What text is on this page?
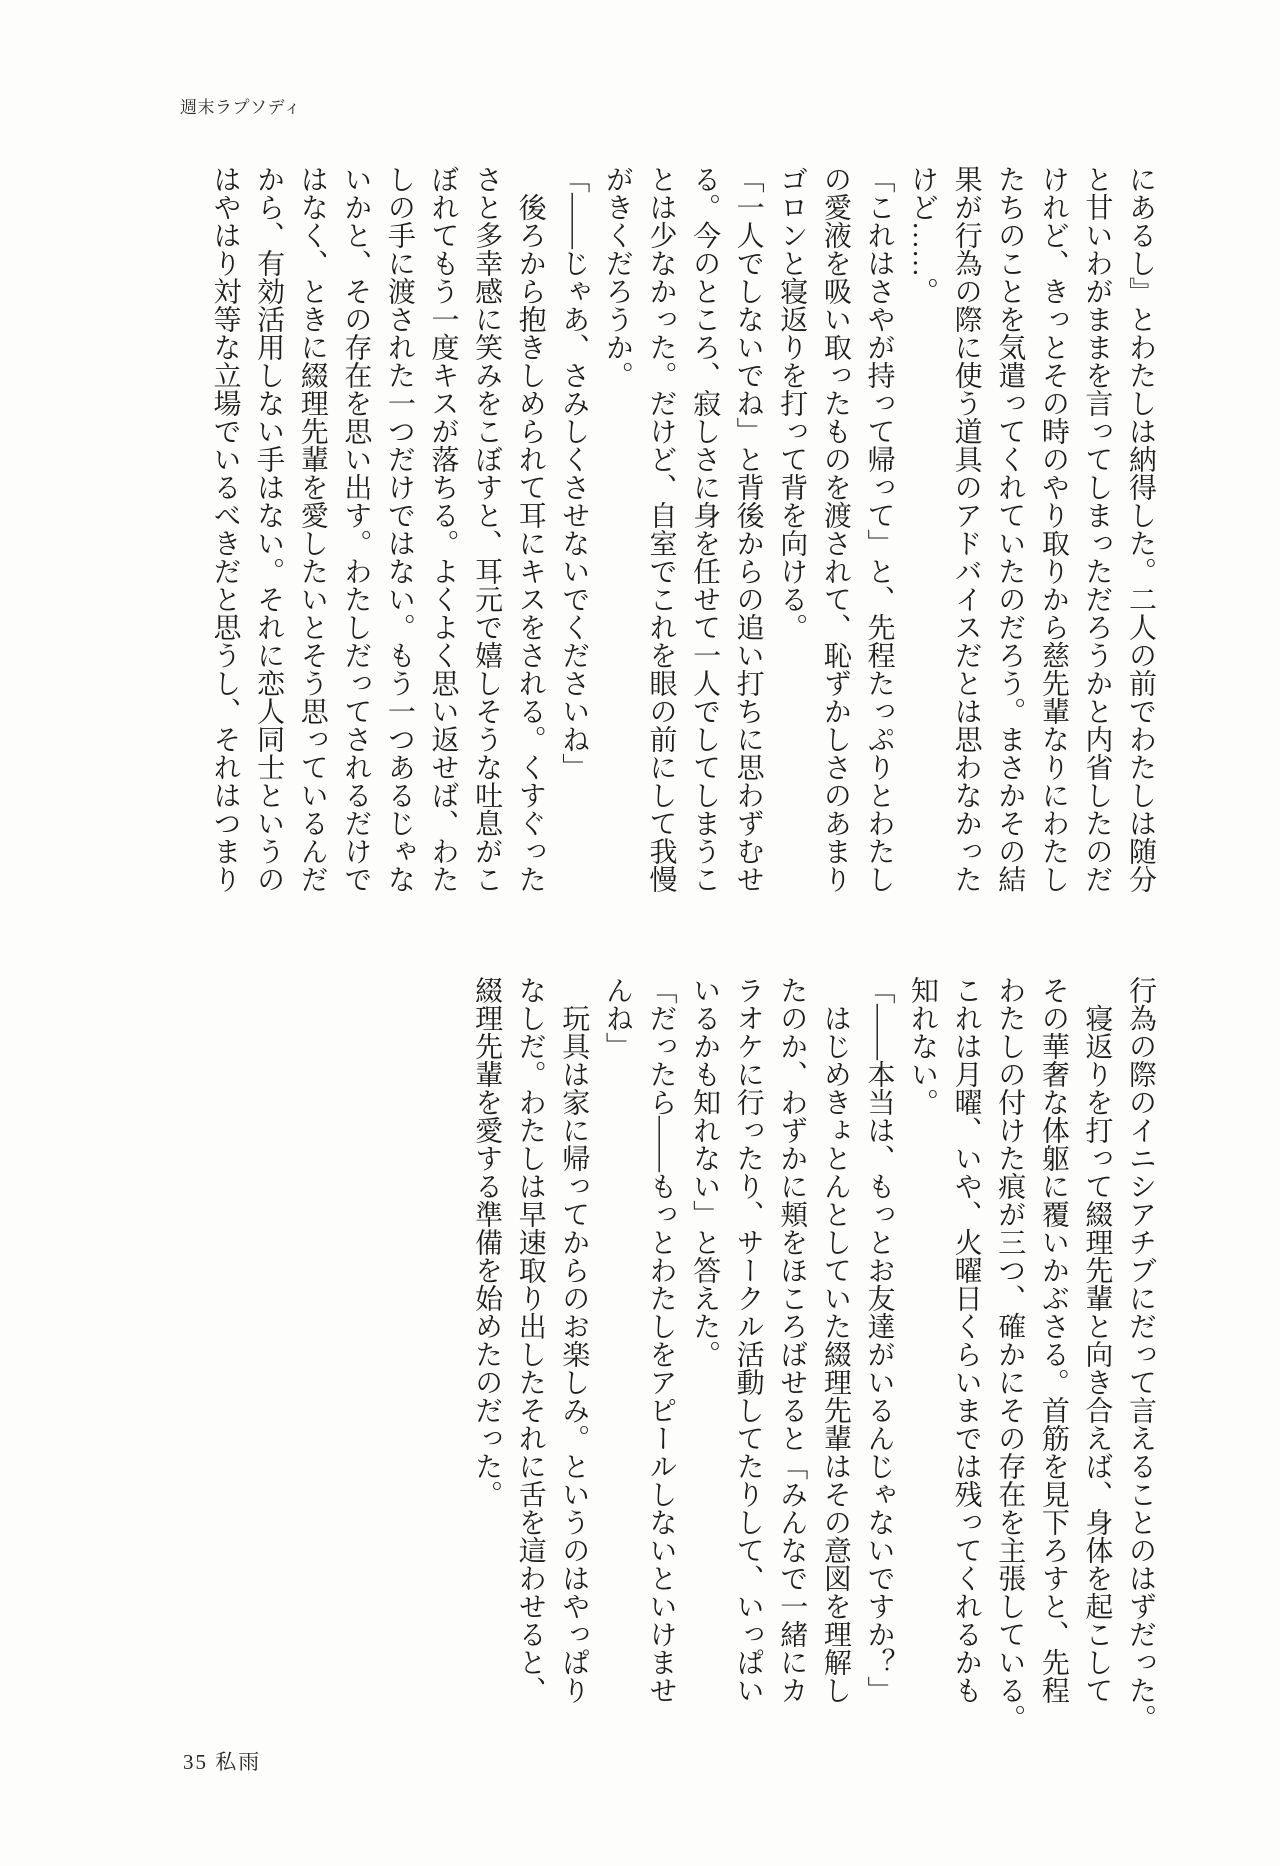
週末ラプソディ
にあるし』とわたしは納得した。二人の前でわたしは随分
と甘いわがままを言ってしまっただろうかと内省したのだ
けれど、きっとその時のやり取りから慈先輩なりにわたし
たちのことを気遣ってくれていたのだろう。まさかその結
果が行為の際に使う道具のアドバイスだとは思わなかった
けど……。
「これはさやが持って帰って」と、先程たっぷりとわたし
の愛液を吸い取ったものを渡されて、恥ずかしさのあまり
ゴロンと寝返りを打って背を向ける。
「一人でしないでね」と背後からの追い打ちに思わずむせ
る。今のところ、寂しさに身を任せて一人でしてしまうこ
とは少なかった。だけど、自室でこれを眼の前にして我慢
がきくだろうか。
「――じゃあ、さみしくさせないでくださいね」
　後ろから抱きしめられて耳にキスをされる。くすぐった
さと多幸感に笑みをこぼすと、耳元で嬉しそうな吐息がこ
ぼれてもう一度キスが落ちる。よくよく思い返せば、わた
しの手に渡された一つだけではない。もう一つあるじゃな
いかと、その存在を思い出す。わたしだってされるだけで
はなく、ときに綴理先輩を愛したいとそう思っているんだ
から、有効活用しない手はない。それに恋人同士というの
はやはり対等な立場でいるべきだと思うし、それはつまり
行為の際のイニシアチブにだって言えることのはずだった。
　寝返りを打って綴理先輩と向き合えば、身体を起こして
その華奢な体躯に覆いかぶさる。首筋を見下ろすと、先程
わたしの付けた痕が三つ、確かにその存在を主張している。
これは月曜、いや、火曜日くらいまでは残ってくれるかも
知れない。
「――本当は、もっとお友達がいるんじゃないですか？」
　はじめきょとんとしていた綴理先輩はその意図を理解し
たのか、わずかに頬をほころばせると「みんなで一緒にカ
ラオケに行ったり、サークル活動してたりして、いっぱい
いるかも知れない」と答えた。
「だったら――もっとわたしをアピールしないといけませ
んね」
　玩具は家に帰ってからのお楽しみ。というのはやっぱり
なしだ。わたしは早速取り出したそれに舌を這わせると、
綴理先輩を愛する準備を始めたのだった。
35 私雨
